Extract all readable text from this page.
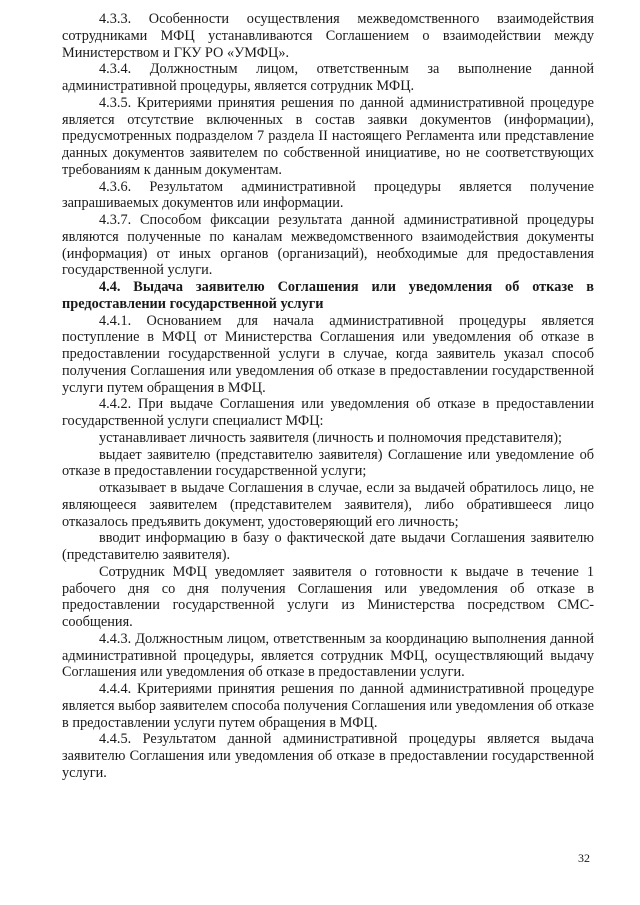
4.3.3. Особенности осуществления межведомственного взаимодействия сотрудниками МФЦ устанавливаются Соглашением о взаимодействии между Министерством и ГКУ РО «УМФЦ».

4.3.4. Должностным лицом, ответственным за выполнение данной административной процедуры, является сотрудник МФЦ.

4.3.5. Критериями принятия решения по данной административной процедуре является отсутствие включенных в состав заявки документов (информации), предусмотренных подразделом 7 раздела II настоящего Регламента или представление данных документов заявителем по собственной инициативе, но не соответствующих требованиям к данным документам.

4.3.6. Результатом административной процедуры является получение запрашиваемых документов или информации.

4.3.7. Способом фиксации результата данной административной процедуры являются полученные по каналам межведомственного взаимодействия документы (информация) от иных органов (организаций), необходимые для предоставления государственной услуги.

4.4. Выдача заявителю Соглашения или уведомления об отказе в предоставлении государственной услуги

4.4.1. Основанием для начала административной процедуры является поступление в МФЦ от Министерства Соглашения или уведомления об отказе в предоставлении государственной услуги в случае, когда заявитель указал способ получения Соглашения или уведомления об отказе в предоставлении государственной услуги путем обращения в МФЦ.

4.4.2. При выдаче Соглашения или уведомления об отказе в предоставлении государственной услуги специалист МФЦ:

устанавливает личность заявителя (личность и полномочия представителя);

выдает заявителю (представителю заявителя) Соглашение или уведомление об отказе в предоставлении государственной услуги;

отказывает в выдаче Соглашения в случае, если за выдачей обратилось лицо, не являющееся заявителем (представителем заявителя), либо обратившееся лицо отказалось предъявить документ, удостоверяющий его личность;

вводит информацию в базу о фактической дате выдачи Соглашения заявителю (представителю заявителя).

Сотрудник МФЦ уведомляет заявителя о готовности к выдаче в течение 1 рабочего дня со дня получения Соглашения или уведомления об отказе в предоставлении государственной услуги из Министерства посредством СМС-сообщения.

4.4.3. Должностным лицом, ответственным за координацию выполнения данной административной процедуры, является сотрудник МФЦ, осуществляющий выдачу Соглашения или уведомления об отказе в предоставлении услуги.

4.4.4. Критериями принятия решения по данной административной процедуре является выбор заявителем способа получения Соглашения или уведомления об отказе в предоставлении услуги путем обращения в МФЦ.

4.4.5. Результатом данной административной процедуры является выдача заявителю Соглашения или уведомления об отказе в предоставлении государственной услуги.

32
